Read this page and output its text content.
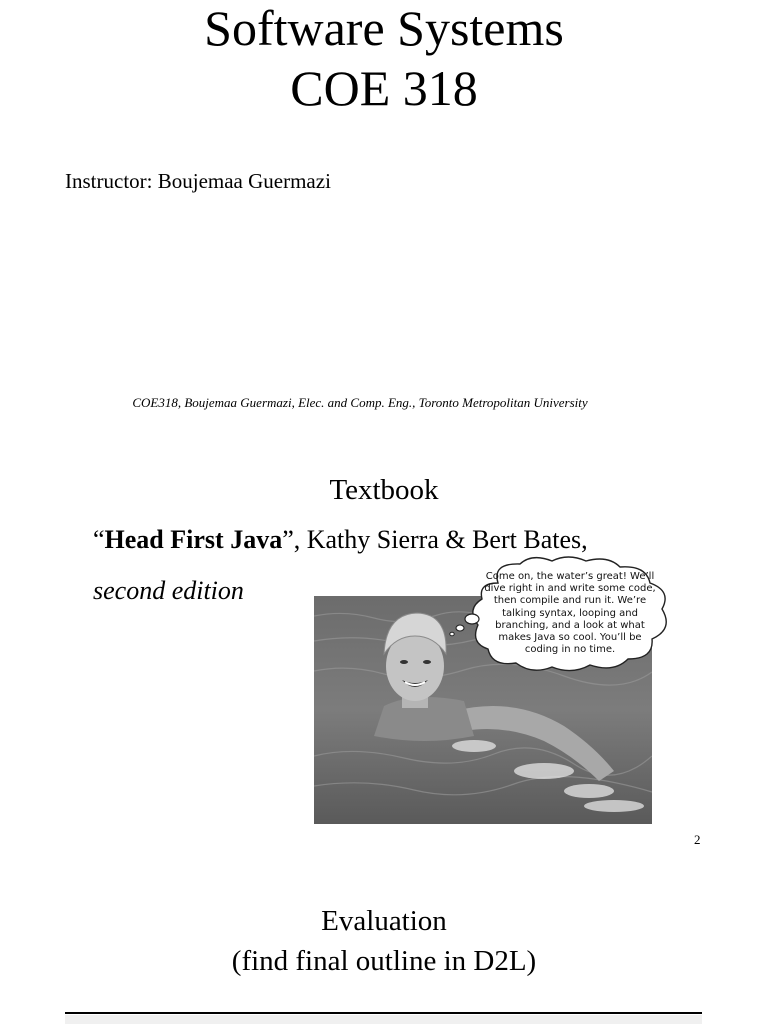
Software Systems
COE 318
Instructor: Boujemaa Guermazi
COE318, Boujemaa Guermazi, Elec. and Comp. Eng., Toronto Metropolitan University
Textbook
“Head First Java”, Kathy Sierra & Bert Bates,
second edition	Come on, the water’s great! We’ll dive right in and write some code, then compile and run it. We’re talking syntax, looping and branching, and a look at what makes Java so cool. You’ll be coding in no time.
2
Evaluation
(find final outline in D2L)
